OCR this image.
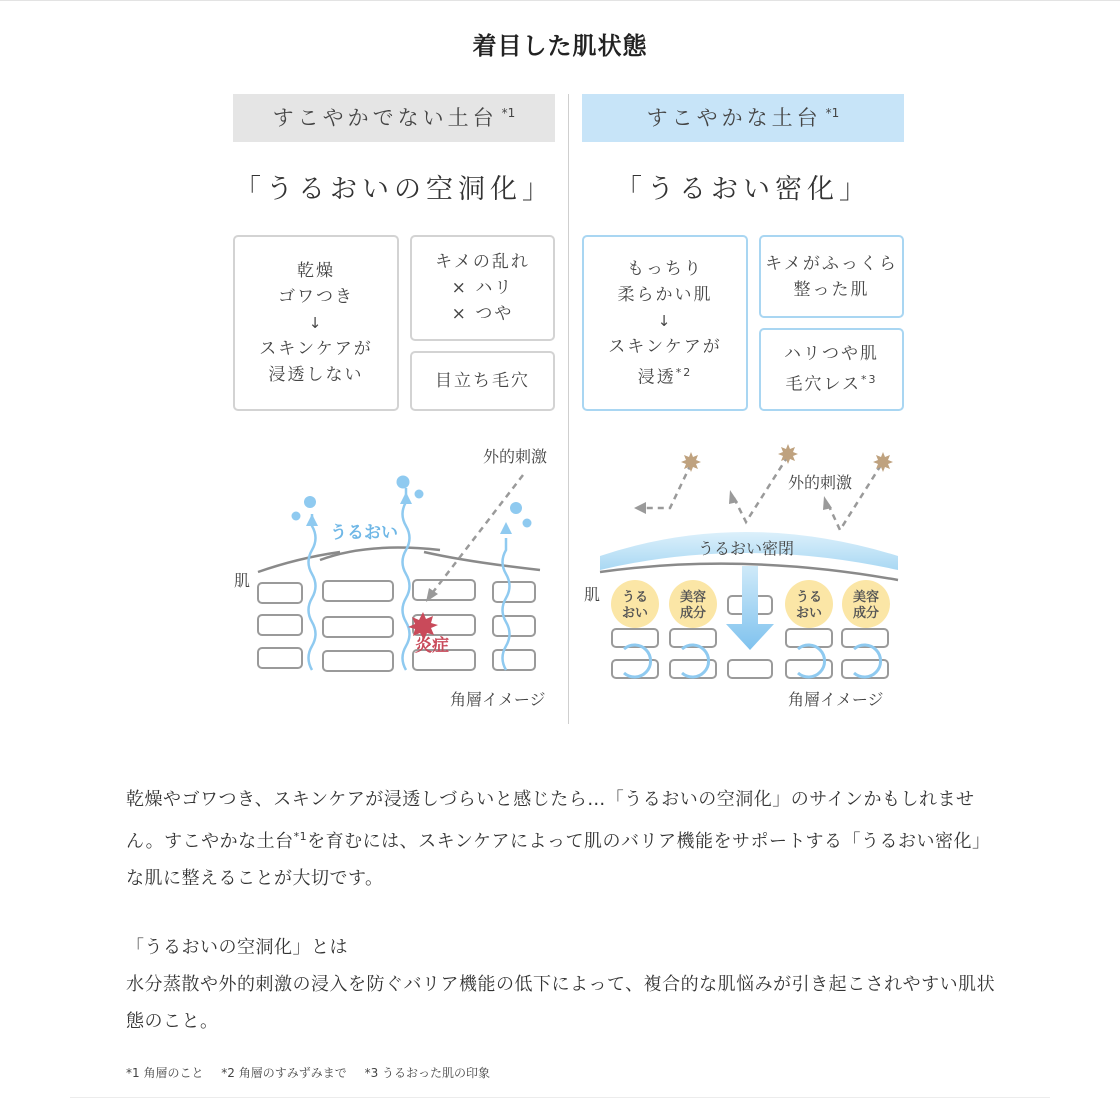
着目した肌状態
すこやかでない土台 $^{*1}$
「うるおいの空洞化」
乾燥
ゴワつき
↓
スキンケアが
浸透しない
キメの乱れ
× ハリ
× つや
目立ち毛穴
すこやかな土台 $^{*1}$
「うるおい密化」
もっちり
柔らかい肌
↓
スキンケアが
浸透$^{*2}$
キメがふっくら
整った肌
ハリつや肌
毛穴レス$^{*3}$
外的刺激
うるおい
肌
炎症
角層イメージ
うる
おい
美容
成分
うる
おい
美容
成分
外的刺激
うるおい密閉
肌
角層イメージ
乾燥やゴワつき、スキンケアが浸透しづらいと感じたら…「うるおいの空洞化」のサインかもしれません。すこやかな土台$^{*1}$を育むには、スキンケアによって肌のバリア機能をサポートする「うるおい密化」な肌に整えることが大切です。
「うるおいの空洞化」とは
水分蒸散や外的刺激の浸入を防ぐバリア機能の低下によって、複合的な肌悩みが引き起こされやすい肌状態のこと。
*1 角層のこと *2 角層のすみずみまで *3 うるおった肌の印象
